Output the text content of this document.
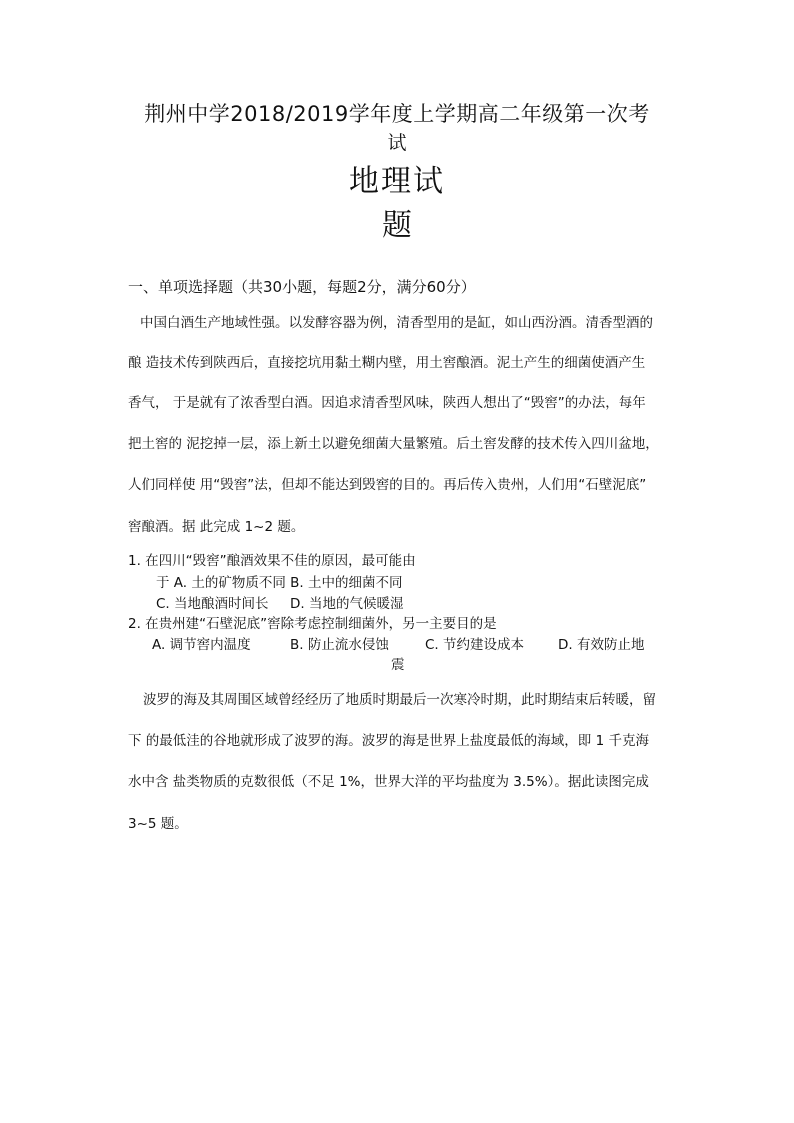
荆州中学2018/2019学年度上学期高二年级第一次考
试
地理试
题
一、单项选择题（共30小题，每题2分，满分60分）
中国白酒生产地域性强。以发酵容器为例，清香型用的是缸，如山西汾酒。清香型酒的
酿 造技术传到陕西后，直接挖坑用黏土糊内壁，用土窖酿酒。泥土产生的细菌使酒产生
香气， 于是就有了浓香型白酒。因追求清香型风味，陕西人想出了“毁窖”的办法，每年
把土窖的 泥挖掉一层，添上新土以避免细菌大量繁殖。后土窖发酵的技术传入四川盆地，
人们同样使 用“毁窖”法，但却不能达到毁窖的目的。再后传入贵州，人们用“石壁泥底”
窖酿酒。据 此完成 1~2 题。
1. 在四川“毁窖”酿酒效果不佳的原因，最可能由
于 A. 土的矿物质不同 B. 土中的细菌不同
C. 当地酿酒时间长 D. 当地的气候暖湿
2. 在贵州建“石壁泥底”窖除考虑控制细菌外，另一主要目的是
A. 调节窖内温度	B. 防止流水侵蚀	C. 节约建设成本	D. 有效防止地
震
波罗的海及其周围区域曾经经历了地质时期最后一次寒冷时期，此时期结束后转暖，留
下 的最低洼的谷地就形成了波罗的海。波罗的海是世界上盐度最低的海域，即 1 千克海
水中含 盐类物质的克数很低（不足 1%，世界大洋的平均盐度为 3.5%）。据此读图完成
3~5 题。
